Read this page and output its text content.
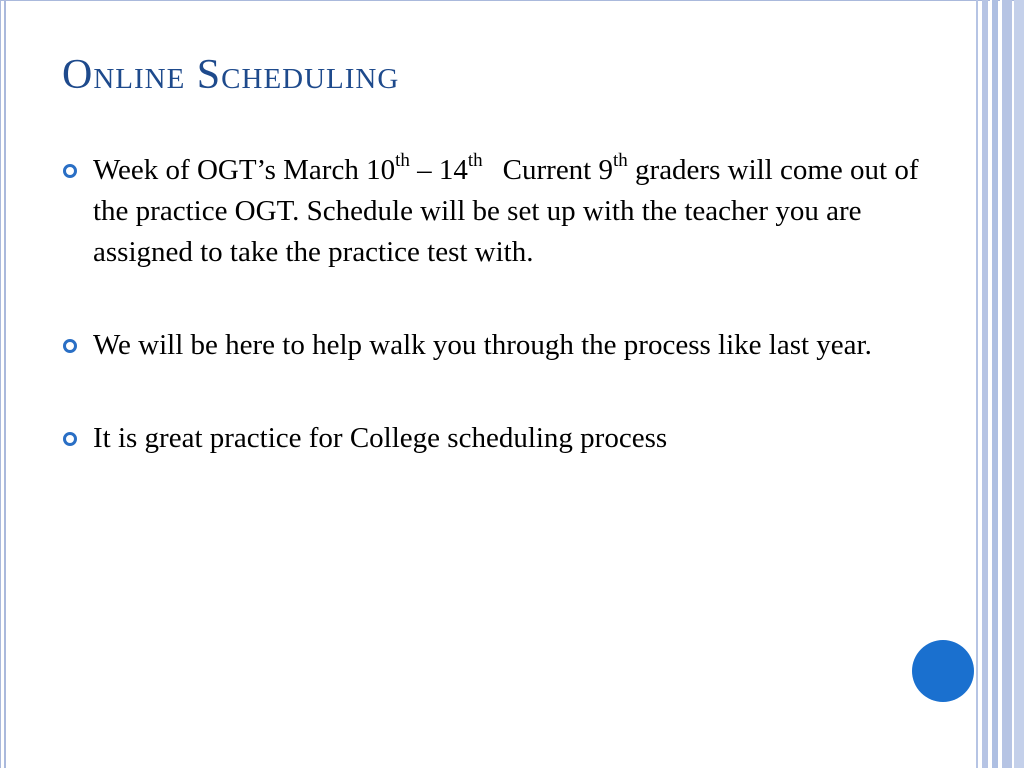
Online Scheduling
Week of OGT’s March 10th – 14th Current 9th graders will come out of the practice OGT. Schedule will be set up with the teacher you are assigned to take the practice test with.
We will be here to help walk you through the process like last year.
It is great practice for College scheduling process
